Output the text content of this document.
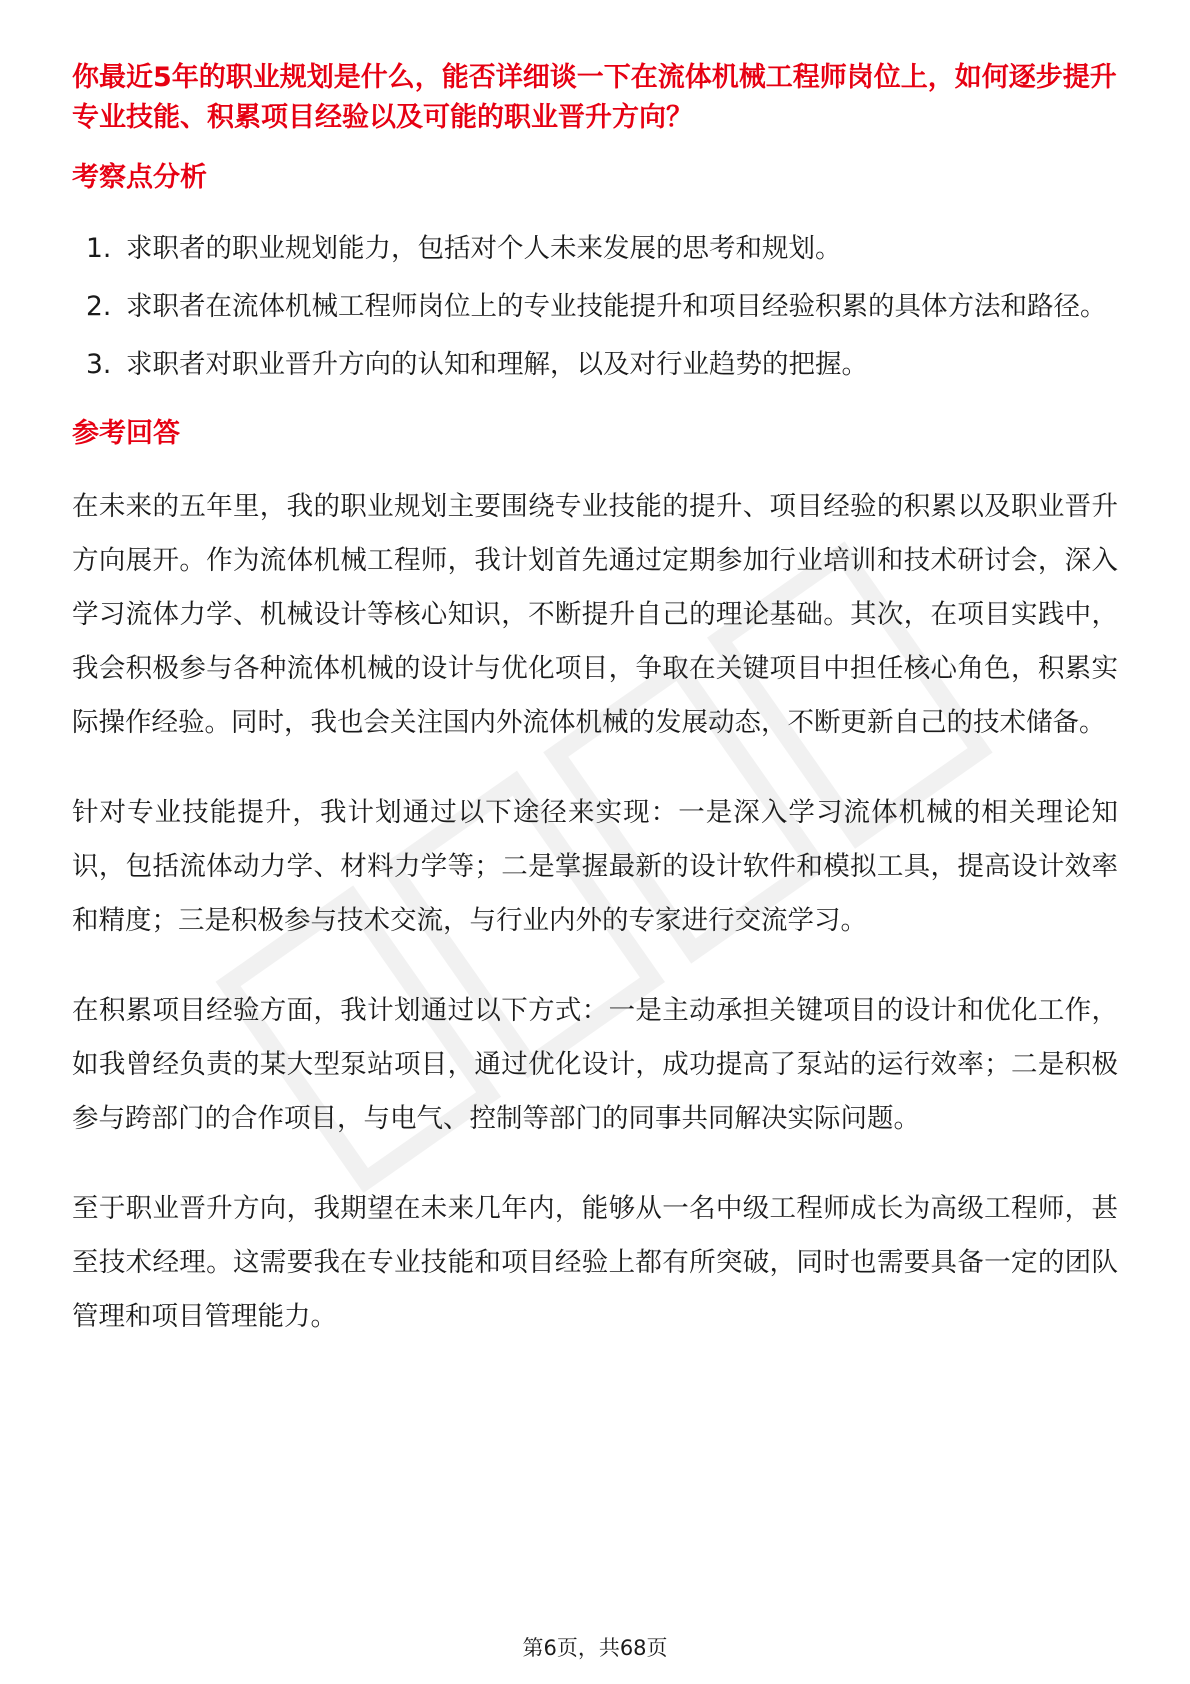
你最近5年的职业规划是什么，能否详细谈一下在流体机械工程师岗位上，如何逐步提升专业技能、积累项目经验以及可能的职业晋升方向？

考察点分析
1. 求职者的职业规划能力，包括对个人未来发展的思考和规划。
2. 求职者在流体机械工程师岗位上的专业技能提升和项目经验积累的具体方法和路径。
3. 求职者对职业晋升方向的认知和理解，以及对行业趋势的把握。
参考回答

在未来的五年里，我的职业规划主要围绕专业技能的提升、项目经验的积累以及职业晋升方向展开。作为流体机械工程师，我计划首先通过定期参加行业培训和技术研讨会，深入学习流体力学、机械设计等核心知识，不断提升自己的理论基础。其次，在项目实践中，我会积极参与各种流体机械的设计与优化项目，争取在关键项目中担任核心角色，积累实际操作经验。同时，我也会关注国内外流体机械的发展动态，不断更新自己的技术储备。

针对专业技能提升，我计划通过以下途径来实现：一是深入学习流体机械的相关理论知识，包括流体动力学、材料力学等；二是掌握最新的设计软件和模拟工具，提高设计效率和精度；三是积极参与技术交流，与行业内外的专家进行交流学习。

在积累项目经验方面，我计划通过以下方式：一是主动承担关键项目的设计和优化工作，如我曾经负责的某大型泵站项目，通过优化设计，成功提高了泵站的运行效率；二是积极参与跨部门的合作项目，与电气、控制等部门的同事共同解决实际问题。

至于职业晋升方向，我期望在未来几年内，能够从一名中级工程师成长为高级工程师，甚至技术经理。这需要我在专业技能和项目经验上都有所突破，同时也需要具备一定的团队管理和项目管理能力。

第6页，共68页
